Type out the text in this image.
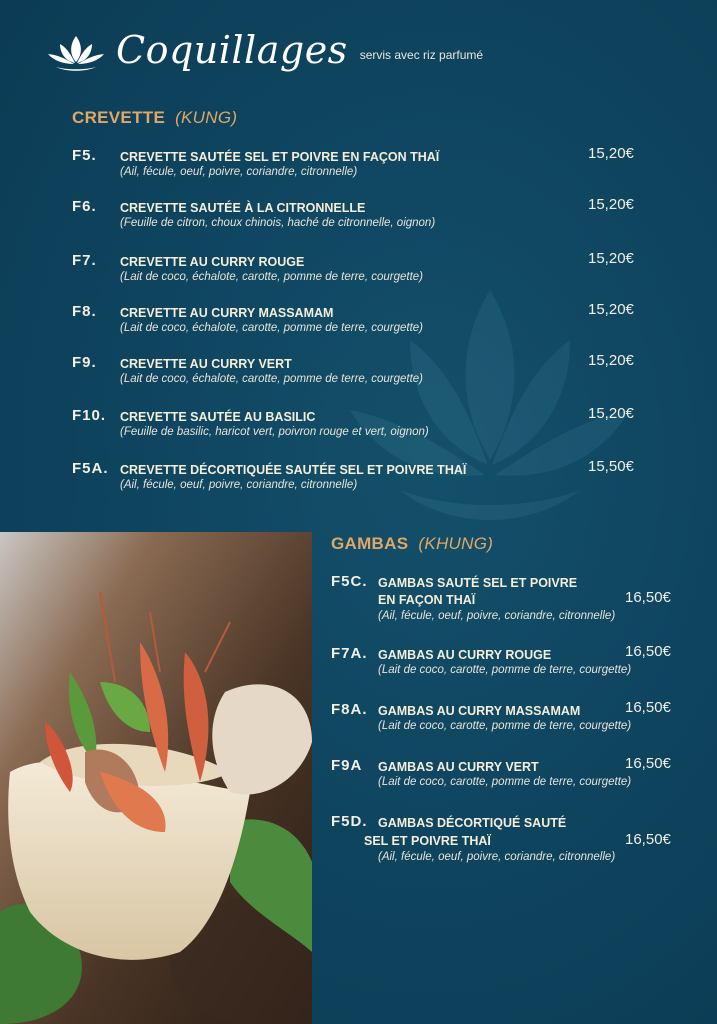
Coquillages servis avec riz parfumé
CREVETTE (KUNG)
F5. CREVETTE SAUTÉE SEL ET POIVRE EN FAÇON THAÏ
(Ail, fécule, oeuf, poivre, coriandre, citronnelle)
15,20€
F6. CREVETTE SAUTÉE À LA CITRONNELLE
(Feuille de citron, choux chinois, haché de citronnelle, oignon)
15,20€
F7. CREVETTE AU CURRY ROUGE
(Lait de coco, échalote, carotte, pomme de terre, courgette)
15,20€
F8. CREVETTE AU CURRY MASSAMAM
(Lait de coco, échalote, carotte, pomme de terre, courgette)
15,20€
F9. CREVETTE AU CURRY VERT
(Lait de coco, échalote, carotte, pomme de terre, courgette)
15,20€
F10. CREVETTE SAUTÉE AU BASILIC
(Feuille de basilic, haricot vert, poivron rouge et vert, oignon)
15,20€
F5A. CREVETTE DÉCORTIQUÉE SAUTÉE SEL ET POIVRE THAÏ
(Ail, fécule, oeuf, poivre, coriandre, citronnelle)
15,50€
GAMBAS (KHUNG)
F5C. GAMBAS SAUTÉ SEL ET POIVRE
EN FAÇON THAÏ
(Ail, fécule, oeuf, poivre, coriandre, citronnelle)
16,50€
F7A. GAMBAS AU CURRY ROUGE
(Lait de coco, carotte, pomme de terre, courgette)
16,50€
F8A. GAMBAS AU CURRY MASSAMAM
(Lait de coco, carotte, pomme de terre, courgette)
16,50€
F9A GAMBAS AU CURRY VERT
(Lait de coco, carotte, pomme de terre, courgette)
16,50€
F5D. GAMBAS DÉCORTIQUÉ SAUTÉ
SEL ET POIVRE THAÏ
(Ail, fécule, oeuf, poivre, coriandre, citronnelle)
16,50€
